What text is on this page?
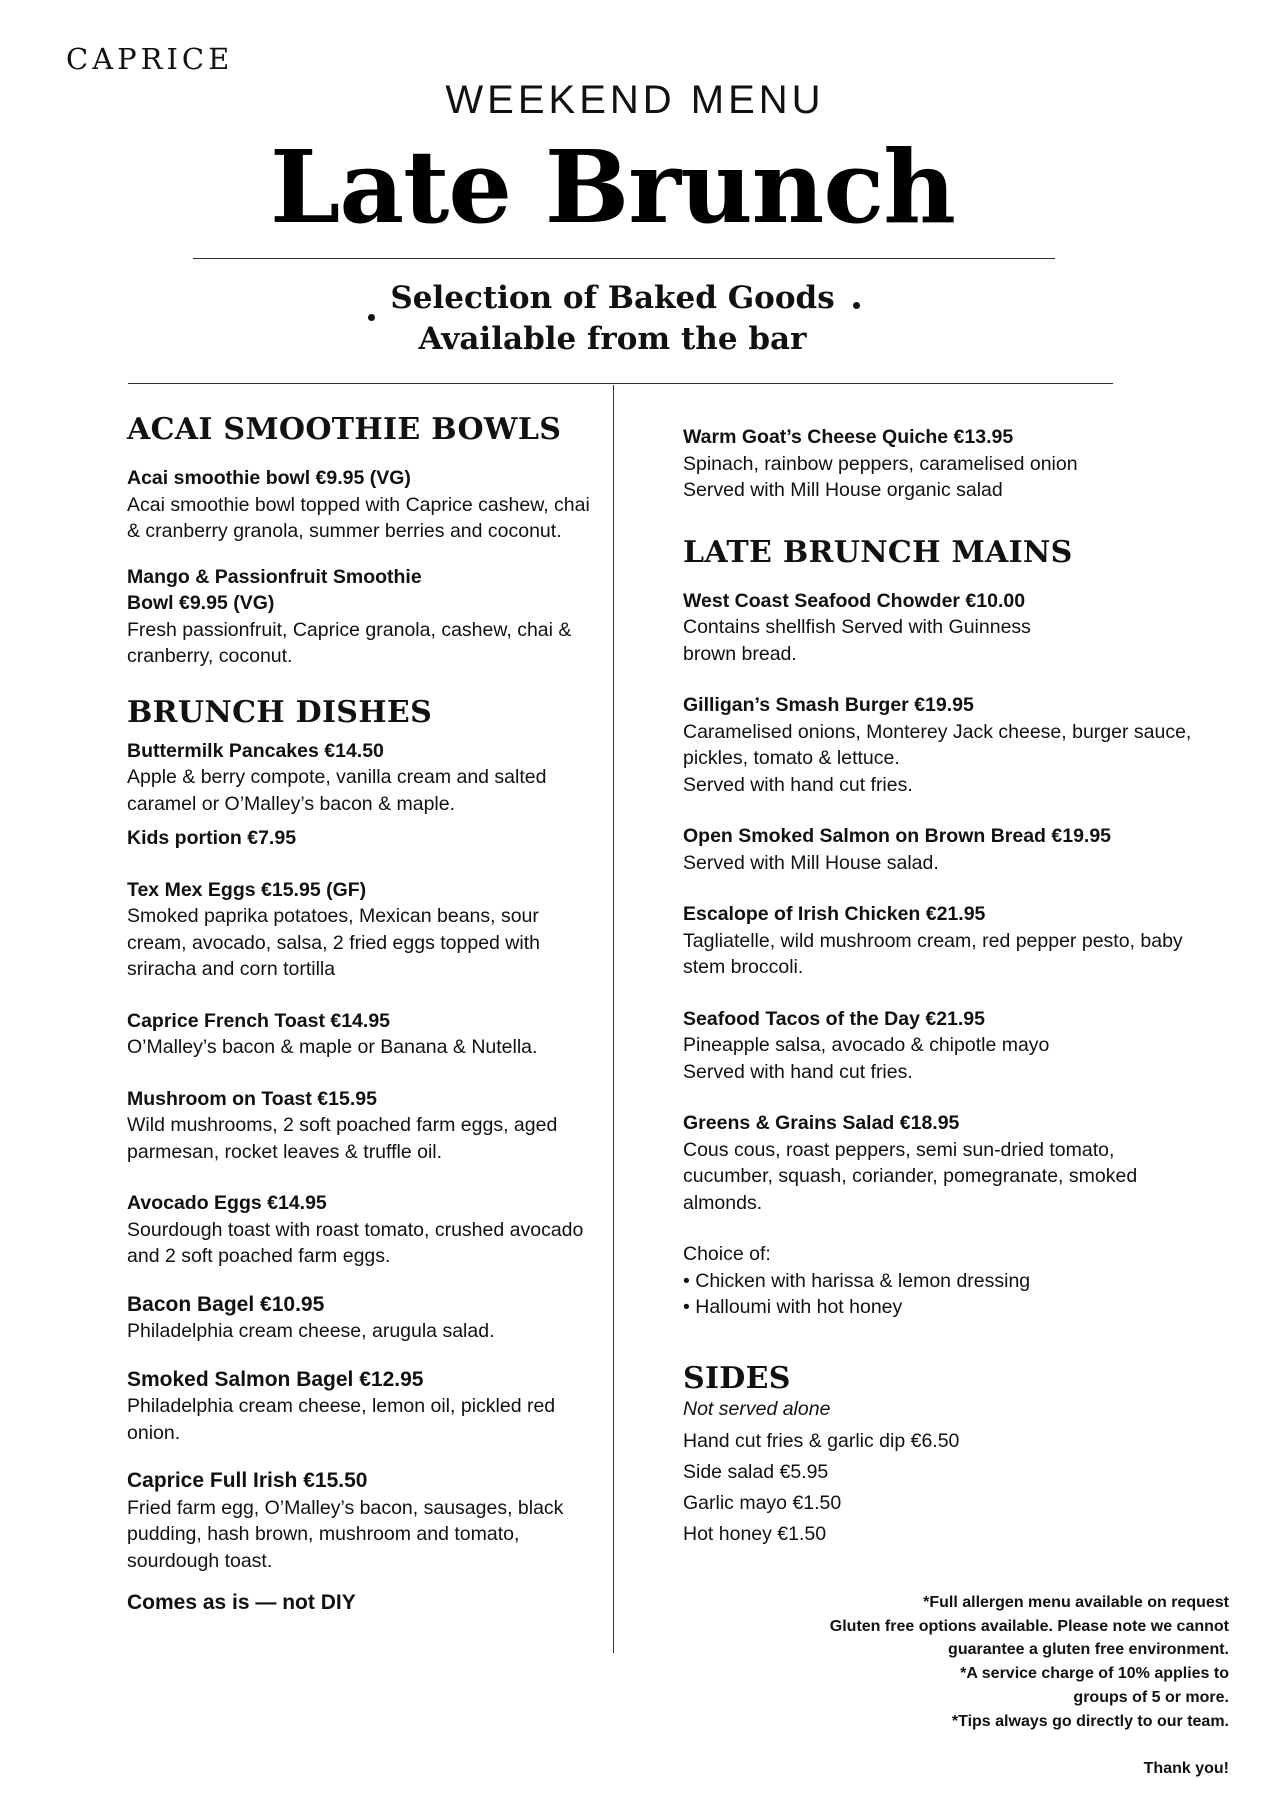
CAPRICE
WEEKEND MENU
Late Brunch
Selection of Baked Goods
Available from the bar
ACAI SMOOTHIE BOWLS
Acai smoothie bowl €9.95 (VG)
Acai smoothie bowl topped with Caprice cashew, chai & cranberry granola, summer berries and coconut.
Mango & Passionfruit Smoothie
Bowl €9.95 (VG)
Fresh passionfruit, Caprice granola, cashew, chai & cranberry, coconut.
BRUNCH DISHES
Buttermilk Pancakes €14.50
Apple & berry compote, vanilla cream and salted caramel or O’Malley’s bacon & maple.
Kids portion €7.95
Tex Mex Eggs €15.95 (GF)
Smoked paprika potatoes, Mexican beans, sour cream, avocado, salsa, 2 fried eggs topped with sriracha and corn tortilla
Caprice French Toast €14.95
O’Malley’s bacon & maple or Banana & Nutella.
Mushroom on Toast €15.95
Wild mushrooms, 2 soft poached farm eggs, aged parmesan, rocket leaves & truffle oil.
Avocado Eggs €14.95
Sourdough toast with roast tomato, crushed avocado and 2 soft poached farm eggs.
Bacon Bagel €10.95
Philadelphia cream cheese, arugula salad.
Smoked Salmon Bagel €12.95
Philadelphia cream cheese, lemon oil, pickled red onion.
Caprice Full Irish €15.50
Fried farm egg, O’Malley’s bacon, sausages, black pudding, hash brown, mushroom and tomato, sourdough toast.
Comes as is — not DIY
Warm Goat’s Cheese Quiche €13.95
Spinach, rainbow peppers, caramelised onion
Served with Mill House organic salad
LATE BRUNCH MAINS
West Coast Seafood Chowder €10.00
Contains shellfish Served with Guinness brown bread.
Gilligan’s Smash Burger €19.95
Caramelised onions, Monterey Jack cheese, burger sauce, pickles, tomato & lettuce.
Served with hand cut fries.
Open Smoked Salmon on Brown Bread €19.95
Served with Mill House salad.
Escalope of Irish Chicken €21.95
Tagliatelle, wild mushroom cream, red pepper pesto, baby stem broccoli.
Seafood Tacos of the Day €21.95
Pineapple salsa, avocado & chipotle mayo
Served with hand cut fries.
Greens & Grains Salad €18.95
Cous cous, roast peppers, semi sun-dried tomato, cucumber, squash, coriander, pomegranate, smoked almonds.
Choice of:
• Chicken with harissa & lemon dressing
• Halloumi with hot honey
SIDES
Not served alone
Hand cut fries & garlic dip €6.50
Side salad €5.95
Garlic mayo €1.50
Hot honey €1.50
*Full allergen menu available on request
Gluten free options available. Please note we cannot
guarantee a gluten free environment.
*A service charge of 10% applies to
groups of 5 or more.
*Tips always go directly to our team.
Thank you!
